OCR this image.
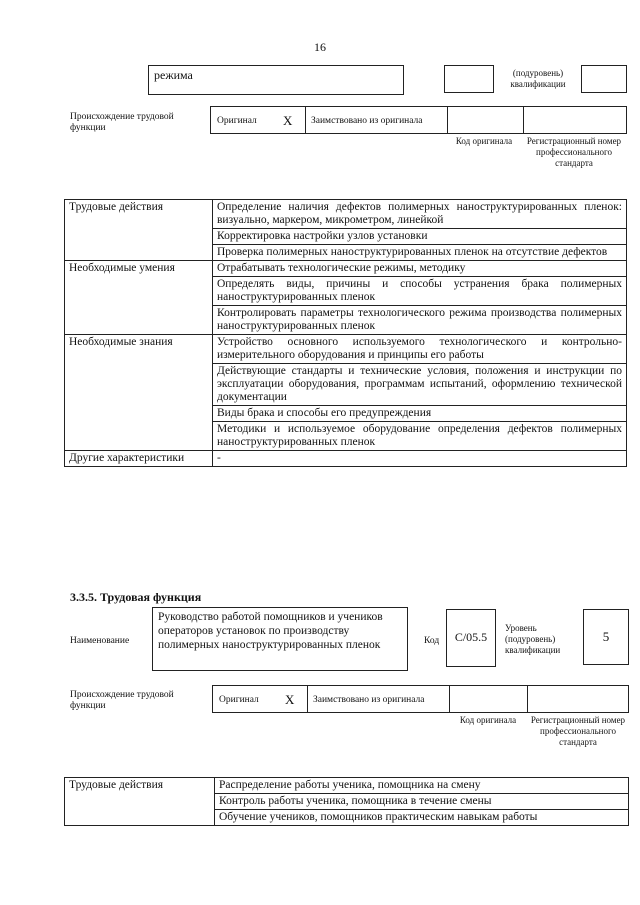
16
режима	(подуровень) квалификации
Происхождение трудовой функции
Оригинал X Заимствовано из оригинала
Код оригинала	Регистрационный номер профессионального стандарта
Трудовые действия	Определение наличия дефектов полимерных наноструктурированных пленок: визуально, маркером, микрометром, линейкой
	Корректировка настройки узлов установки
	Проверка полимерных наноструктурированных пленок на отсутствие дефектов
Необходимые умения	Отрабатывать технологические режимы, методику
	Определять виды, причины и способы устранения брака полимерных наноструктурированных пленок
	Контролировать параметры технологического режима производства полимерных наноструктурированных пленок
Необходимые знания	Устройство основного используемого технологического и контрольно-измерительного оборудования и принципы его работы
	Действующие стандарты и технические условия, положения и инструкции по эксплуатации оборудования, программам испытаний, оформлению технической документации
	Виды брака и способы его предупреждения
	Методики и используемое оборудование определения дефектов полимерных наноструктурированных пленок
Другие характеристики	-
3.3.5. Трудовая функция
Наименование
Руководство работой помощников и учеников операторов установок по производству полимерных наноструктурированных пленок	Код	C/05.5
Уровень (подуровень) квалификации
5
Происхождение трудовой функции
Оригинал X Заимствовано из оригинала
Код оригинала	Регистрационный номер профессионального стандарта
Трудовые действия	Распределение работы ученика, помощника на смену
Контроль работы ученика, помощника в течение смены
Обучение учеников, помощников практическим навыкам работы
